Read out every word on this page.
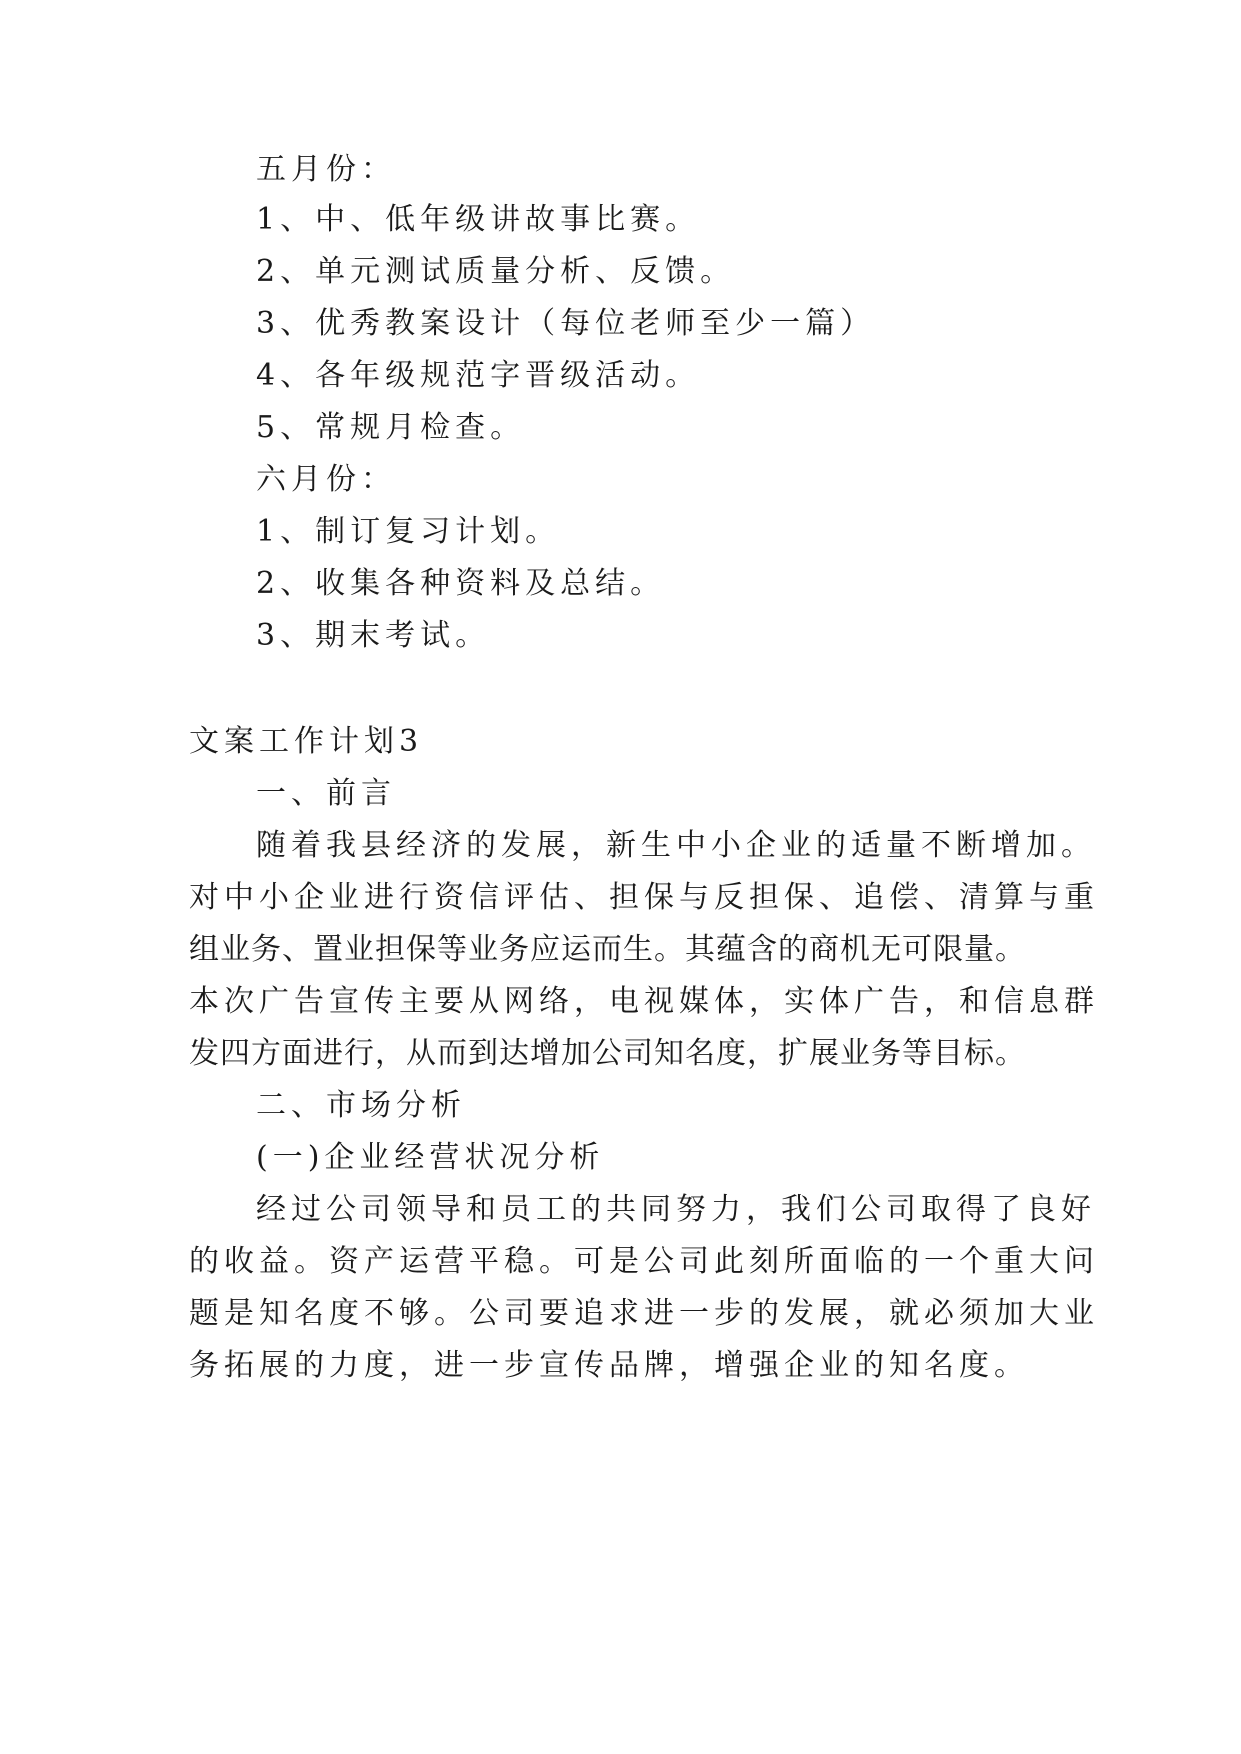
五月份：
1、中、低年级讲故事比赛。
2、单元测试质量分析、反馈。
3、优秀教案设计（每位老师至少一篇）
4、各年级规范字晋级活动。
5、常规月检查。
六月份：
1、制订复习计划。
2、收集各种资料及总结。
3、期末考试。
文案工作计划3
一、前言
随着我县经济的发展，新生中小企业的适量不断增加。
对中小企业进行资信评估、担保与反担保、追偿、清算与重
组业务、置业担保等业务应运而生。其蕴含的商机无可限量。
本次广告宣传主要从网络，电视媒体，实体广告，和信息群
发四方面进行，从而到达增加公司知名度，扩展业务等目标。
二、市场分析
(一)企业经营状况分析
经过公司领导和员工的共同努力，我们公司取得了良好
的收益。资产运营平稳。可是公司此刻所面临的一个重大问
题是知名度不够。公司要追求进一步的发展，就必须加大业
务拓展的力度，进一步宣传品牌，增强企业的知名度。
